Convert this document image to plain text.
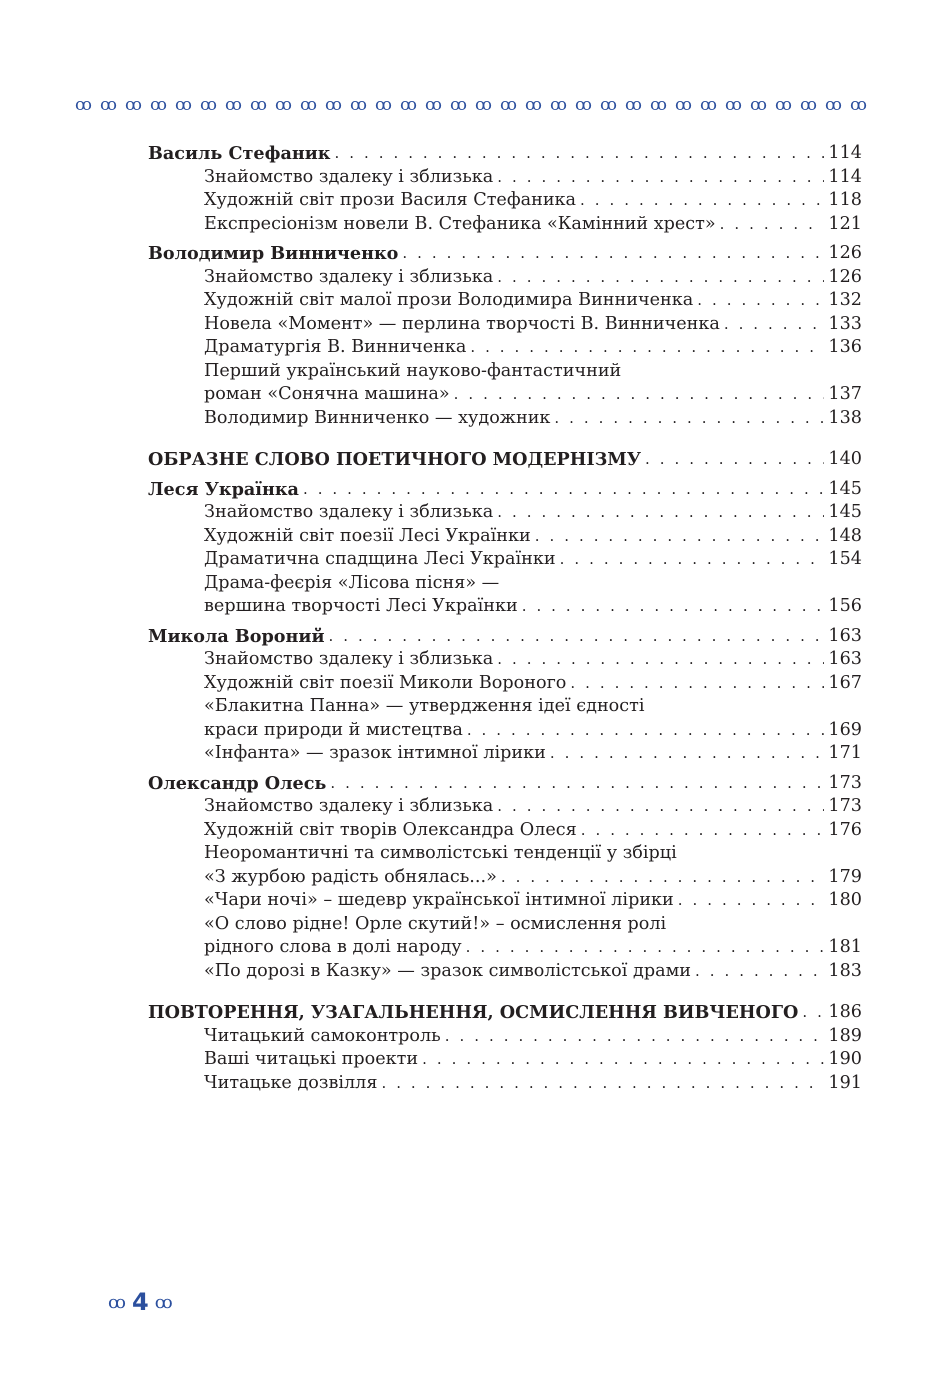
ꝏ ꝏ ꝏ ꝏ ꝏ ꝏ ꝏ ꝏ ꝏ ꝏ ꝏ ꝏ ꝏ ꝏ ꝏ ꝏ ꝏ ꝏ ꝏ ꝏ ꝏ ꝏ ꝏ ꝏ ꝏ ꝏ ꝏ ꝏ ꝏ ꝏ ꝏ ꝏ
Василь Стефаник . . .	114
Знайомство здалеку і зблизька . . .	114
Художній світ прози Василя Стефаника . . .	118
Експресіонізм новели В. Стефаника «Камінний хрест» . . .	121
Володимир Винниченко . . .	126
Знайомство здалеку і зблизька . . .	126
Художній світ малої прози Володимира Винниченка . . .	132
Новела «Момент» — перлина творчості В. Винниченка . . .	133
Драматургія В. Винниченка . . .	136
Перший український науково-фантастичний
роман «Сонячна машина» . . .	137
Володимир Винниченко — художник . . .	138
ОБРАЗНЕ СЛОВО ПОЕТИЧНОГО МОДЕРНІЗМУ . . .	140
Леся Українка . . .	145
Знайомство здалеку і зблизька . . .	145
Художній світ поезії Лесі Українки . . .	148
Драматична спадщина Лесі Українки . . .	154
Драма-феєрія «Лісова пісня» —
вершина творчості Лесі Українки . . .	156
Микола Вороний . . .	163
Знайомство здалеку і зблизька . . .	163
Художній світ поезії Миколи Вороного . . .	167
«Блакитна Панна» — утвердження ідеї єдності
краси природи й мистецтва . . .	169
«Інфанта» — зразок інтимної лірики . . .	171
Олександр Олесь . . .	173
Знайомство здалеку і зблизька . . .	173
Художній світ творів Олександра Олеся . . .	176
Неоромантичні та символістські тенденції у збірці
«З журбою радість обнялась...» . . .	179
«Чари ночі» – шедевр української інтимної лірики . . .	180
«О слово рідне! Орле скутий!» – осмислення ролі
рідного слова в долі народу . . .	181
«По дорозі в Казку» — зразок символістської драми . . .	183
ПОВТОРЕННЯ, УЗАГАЛЬНЕННЯ, ОСМИСЛЕННЯ ВИВЧЕНОГО . . . 186
Читацький самоконтроль . . .	189
Ваші читацькі проекти . . .	190
Читацьке дозвілля . . .	191
ꝏ 4 ꝏ
